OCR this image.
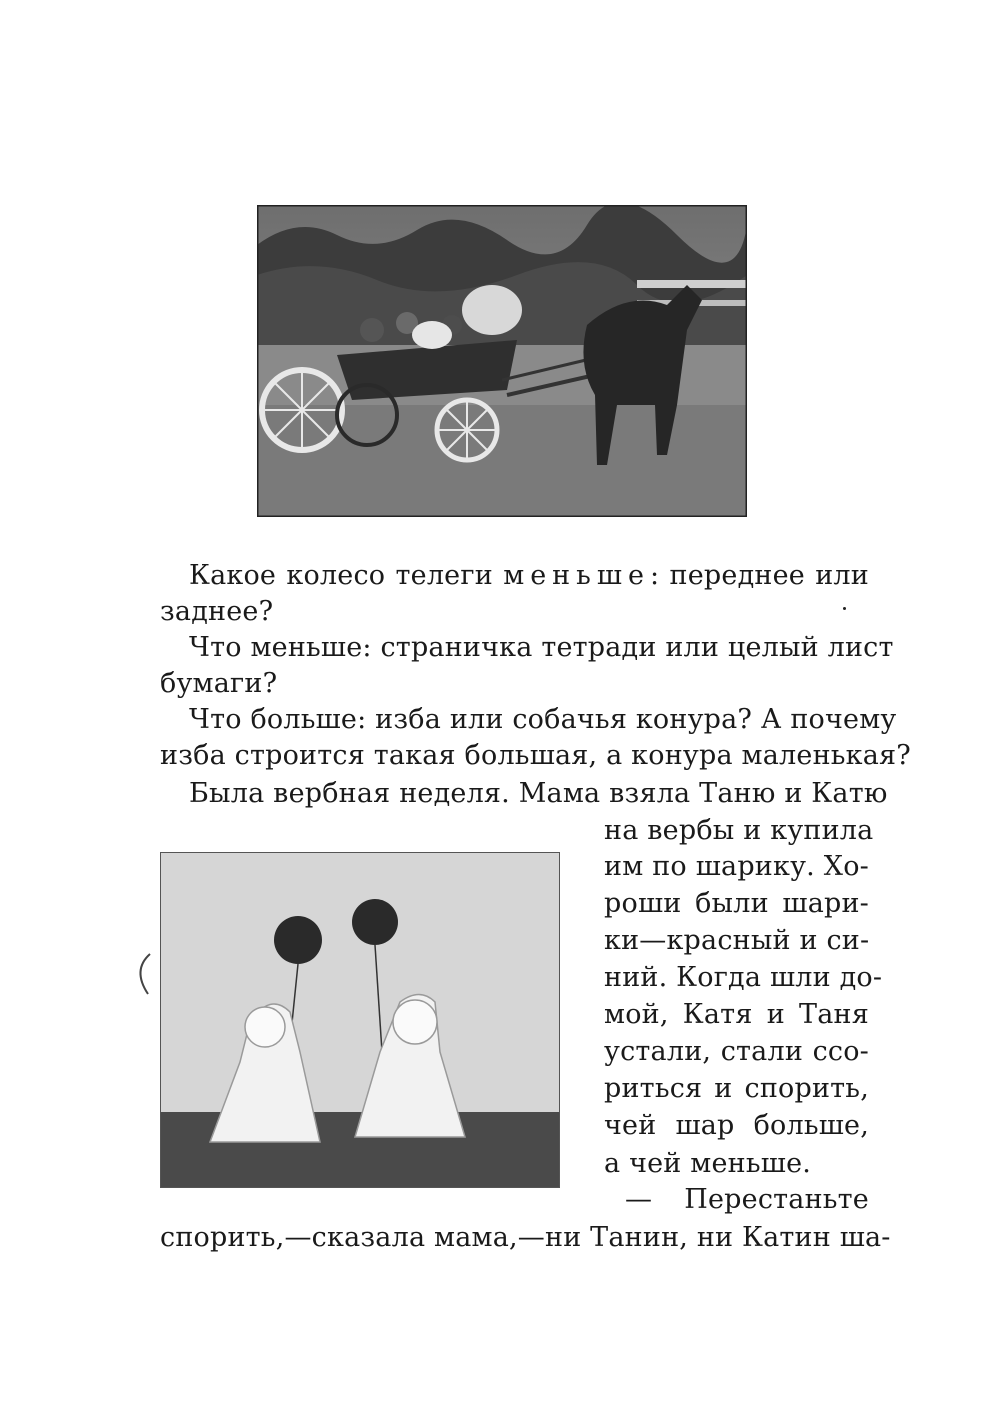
Какое колесо телеги меньше: переднее или
заднее?
Что меньше: страничка тетради или целый лист
бумаги?
Что больше: изба или собачья конура? А почему
изба строится такая большая, а конура маленькая?
Была вербная неделя. Мама взяла Таню и Катю
на вербы и купила
им по шарику. Хо-
роши были шари-
ки—красный и си-
ний. Когда шли до-
мой, Катя и Таня
устали, стали ссо-
риться и спорить,
чей шар больше,
а чей меньше.
— Перестаньте
спорить,—сказала мама,—ни Танин, ни Катин ша-
